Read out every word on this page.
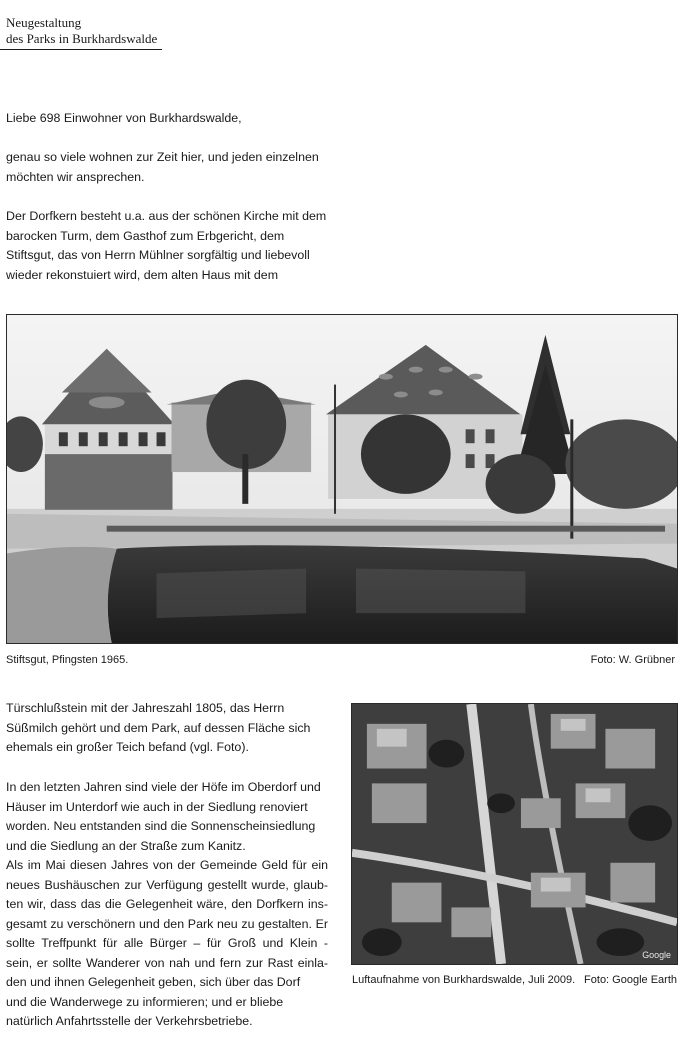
Neugestaltung
des Parks in Burkhardswalde
Liebe 698 Einwohner von Burkhardswalde,
genau so viele wohnen zur Zeit hier, und jeden einzelnen
möchten wir ansprechen.
Der Dorfkern besteht u.a. aus der schönen Kirche mit dem
barocken Turm, dem Gasthof zum Erbgericht, dem
Stiftsgut, das von Herrn Mühlner sorgfältig und liebevoll
wieder rekonstuiert wird, dem alten Haus mit dem
Stiftsgut, Pfingsten 1965.	Foto: W. Grübner
Türschlußstein mit der Jahreszahl 1805, das Herrn
Süßmilch gehört und dem Park, auf dessen Fläche sich
ehemals ein großer Teich befand (vgl. Foto).
In den letzten Jahren sind viele der Höfe im Oberdorf und
Häuser im Unterdorf wie auch in der Siedlung renoviert
worden. Neu entstanden sind die Sonnenscheinsiedlung
und die Siedlung an der Straße zum Kanitz.
Als im Mai diesen Jahres von der Gemeinde Geld für ein
neues Bushäuschen zur Verfügung gestellt wurde, glaub-
ten wir, dass das die Gelegenheit wäre, den Dorfkern ins-
gesamt zu verschönern und den Park neu zu gestalten. Er
sollte Treffpunkt für alle Bürger – für Groß und Klein -
sein, er sollte Wanderer von nah und fern zur Rast einla-
den und ihnen Gelegenheit geben, sich über das Dorf
und die Wanderwege zu informieren; und er bliebe
natürlich Anfahrtsstelle der Verkehrsbetriebe.
Google
Luftaufnahme von Burkhardswalde, Juli 2009. Foto: Google Earth
